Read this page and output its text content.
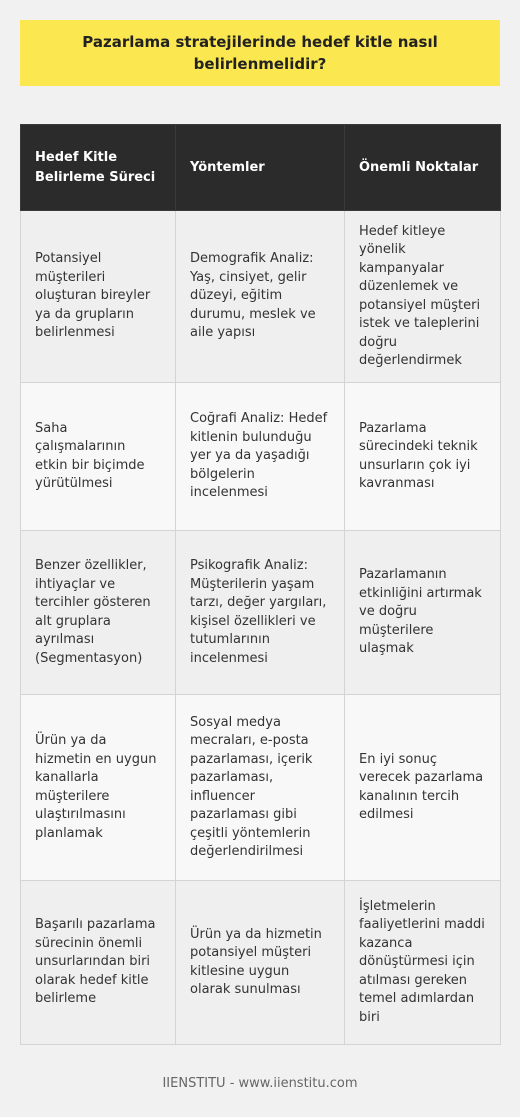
Pazarlama stratejilerinde hedef kitle nasıl belirlenmelidir?
Hedef Kitle Belirleme Süreci	Yöntemler	Önemli Noktalar
Potansiyel müşterileri oluşturan bireyler ya da grupların belirlenmesi	Demografik Analiz: Yaş, cinsiyet, gelir düzeyi, eğitim durumu, meslek ve aile yapısı	Hedef kitleye yönelik kampanyalar düzenlemek ve potansiyel müşteri istek ve taleplerini doğru değerlendirmek
Saha çalışmalarının etkin bir biçimde yürütülmesi	Coğrafi Analiz: Hedef kitlenin bulunduğu yer ya da yaşadığı bölgelerin incelenmesi	Pazarlama sürecindeki teknik unsurların çok iyi kavranması
Benzer özellikler, ihtiyaçlar ve tercihler gösteren alt gruplara ayrılması (Segmentasyon)	Psikografik Analiz: Müşterilerin yaşam tarzı, değer yargıları, kişisel özellikleri ve tutumlarının incelenmesi	Pazarlamanın etkinliğini artırmak ve doğru müşterilere ulaşmak
Ürün ya da hizmetin en uygun kanallarla müşterilere ulaştırılmasını planlamak	Sosyal medya mecraları, e-posta pazarlaması, içerik pazarlaması, influencer pazarlaması gibi çeşitli yöntemlerin değerlendirilmesi	En iyi sonuç verecek pazarlama kanalının tercih edilmesi
Başarılı pazarlama sürecinin önemli unsurlarından biri olarak hedef kitle belirleme	Ürün ya da hizmetin potansiyel müşteri kitlesine uygun olarak sunulması	İşletmelerin faaliyetlerini maddi kazanca dönüştürmesi için atılması gereken temel adımlardan biri
IIENSTITU - www.iienstitu.com
